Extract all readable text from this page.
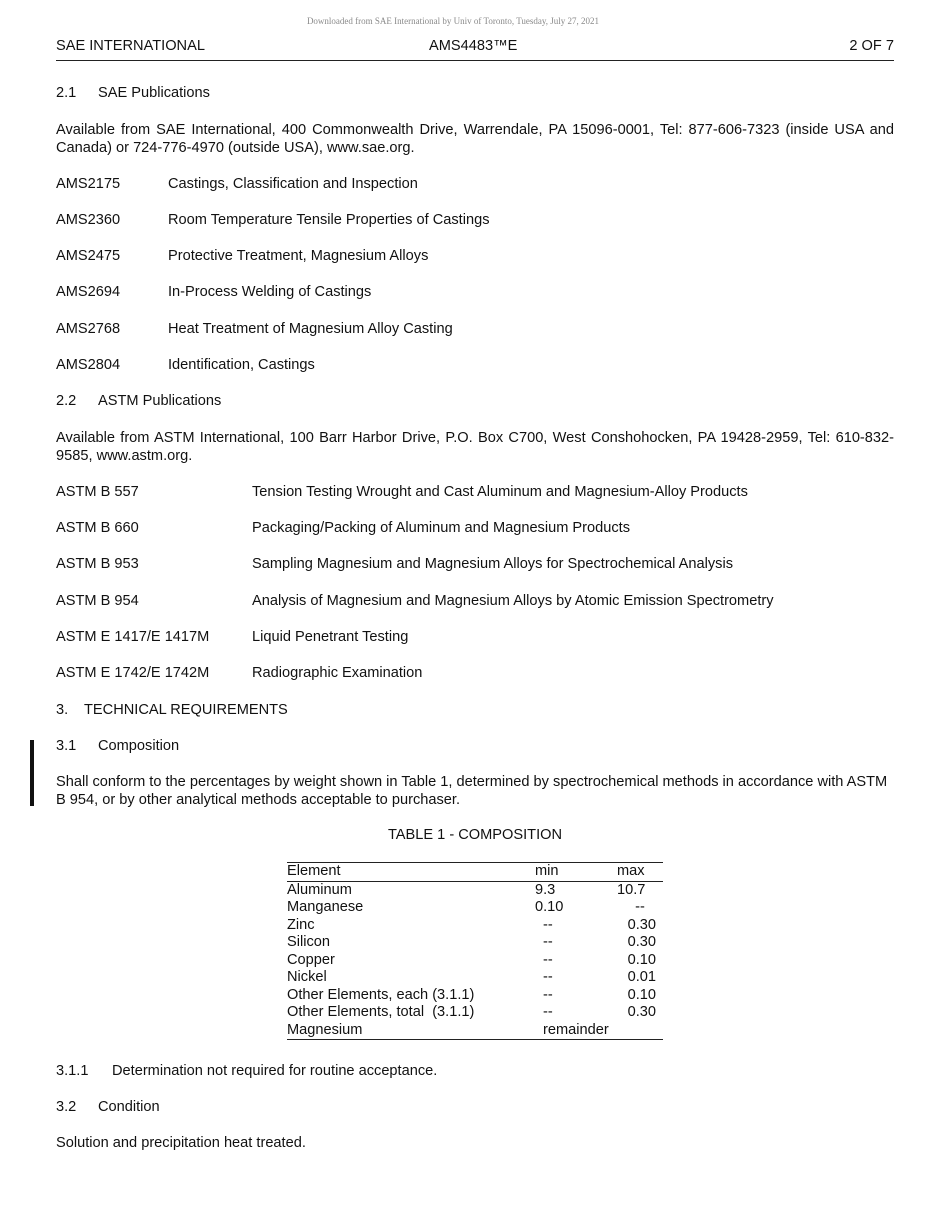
Downloaded from SAE International by Univ of Toronto, Tuesday, July 27, 2021
SAE INTERNATIONAL	AMS4483™E	2 OF 7
2.1 SAE Publications
Available from SAE International, 400 Commonwealth Drive, Warrendale, PA 15096-0001, Tel: 877-606-7323 (inside USA and Canada) or 724-776-4970 (outside USA), www.sae.org.
AMS2175	Castings, Classification and Inspection
AMS2360	Room Temperature Tensile Properties of Castings
AMS2475	Protective Treatment, Magnesium Alloys
AMS2694	In-Process Welding of Castings
AMS2768	Heat Treatment of Magnesium Alloy Casting
AMS2804	Identification, Castings
2.2 ASTM Publications
Available from ASTM International, 100 Barr Harbor Drive, P.O. Box C700, West Conshohocken, PA 19428-2959, Tel: 610-832-9585, www.astm.org.
ASTM B 557	Tension Testing Wrought and Cast Aluminum and Magnesium-Alloy Products
ASTM B 660	Packaging/Packing of Aluminum and Magnesium Products
ASTM B 953	Sampling Magnesium and Magnesium Alloys for Spectrochemical Analysis
ASTM B 954	Analysis of Magnesium and Magnesium Alloys by Atomic Emission Spectrometry
ASTM E 1417/E 1417M	Liquid Penetrant Testing
ASTM E 1742/E 1742M	Radiographic Examination
3. TECHNICAL REQUIREMENTS
3.1 Composition
Shall conform to the percentages by weight shown in Table 1, determined by spectrochemical methods in accordance with ASTM B 954, or by other analytical methods acceptable to purchaser.
TABLE 1 - COMPOSITION
Element	min	max
Aluminum	9.3	10.7
Manganese	0.10	--
Zinc	--	0.30
Silicon	--	0.30
Copper	--	0.10
Nickel	--	0.01
Other Elements, each (3.1.1)	--	0.10
Other Elements, total  (3.1.1)	--	0.30
Magnesium	remainder	
3.1.1 Determination not required for routine acceptance.
3.2 Condition
Solution and precipitation heat treated.
